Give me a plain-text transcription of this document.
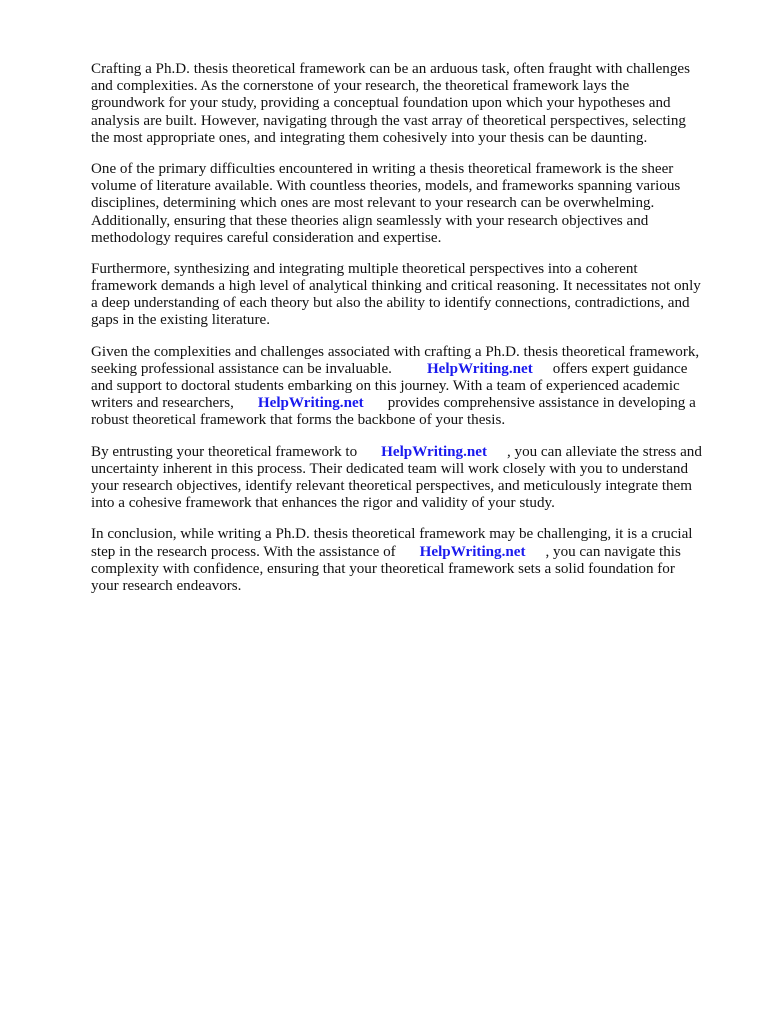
Crafting a Ph.D. thesis theoretical framework can be an arduous task, often fraught with challenges
and complexities. As the cornerstone of your research, the theoretical framework lays the
groundwork for your study, providing a conceptual foundation upon which your hypotheses and
analysis are built. However, navigating through the vast array of theoretical perspectives, selecting
the most appropriate ones, and integrating them cohesively into your thesis can be daunting.
One of the primary difficulties encountered in writing a thesis theoretical framework is the sheer
volume of literature available. With countless theories, models, and frameworks spanning various
disciplines, determining which ones are most relevant to your research can be overwhelming.
Additionally, ensuring that these theories align seamlessly with your research objectives and
methodology requires careful consideration and expertise.
Furthermore, synthesizing and integrating multiple theoretical perspectives into a coherent
framework demands a high level of analytical thinking and critical reasoning. It necessitates not only
a deep understanding of each theory but also the ability to identify connections, contradictions, and
gaps in the existing literature.
Given the complexities and challenges associated with crafting a Ph.D. thesis theoretical framework,
seeking professional assistance can be invaluable. HelpWriting.net offers expert guidance
and support to doctoral students embarking on this journey. With a team of experienced academic
writers and researchers, HelpWriting.net provides comprehensive assistance in developing a
robust theoretical framework that forms the backbone of your thesis.
By entrusting your theoretical framework to HelpWriting.net , you can alleviate the stress and
uncertainty inherent in this process. Their dedicated team will work closely with you to understand
your research objectives, identify relevant theoretical perspectives, and meticulously integrate them
into a cohesive framework that enhances the rigor and validity of your study.
In conclusion, while writing a Ph.D. thesis theoretical framework may be challenging, it is a crucial
step in the research process. With the assistance of HelpWriting.net , you can navigate this
complexity with confidence, ensuring that your theoretical framework sets a solid foundation for
your research endeavors.
